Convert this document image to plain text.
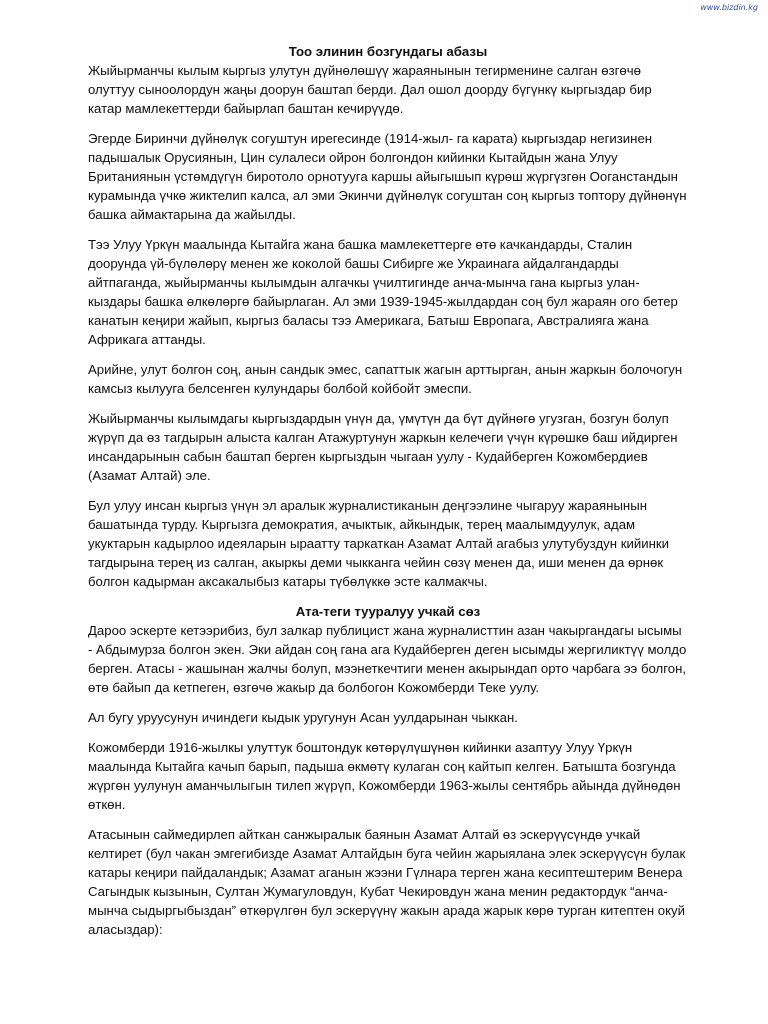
www.bizdin.kg
Тоо элинин бозгундагы абазы

Жыйырманчы кылым кыргыз улутун дүйнөлөшүү жараянынын тегирменине салган өзгөчө олуттуу сыноолордун жаңы доорун баштап берди. Дал ошол доорду бүгүнкү кыргыздар бир катар мамлекеттерди байырлап баштан кечирүүдө.

Эгерде Биринчи дүйнөлүк согуштун ирегесинде (1914-жыл- га карата) кыргыздар негизинен падышалык Орусиянын, Цин сулалеси ойрон болгондон кийинки Кытайдын жана Улуу Британиянын үстөмдүгүн биротоло орнотууга каршы айыгышып күрөш жүргүзгөн Ооганстандын курамында үчкө жиктелип калса, ал эми Экинчи дүйнөлүк согуштан соң кыргыз топтору дүйнөнүн башка аймактарына да жайылды.

Тээ Улуу Үркүн маалында Кытайга жана башка мамлекеттерге өтө качкандарды, Сталин доорунда үй-бүлөлөрү менен же коколой башы Сибирге же Украинага айдалгандарды айтпаганда, жыйырманчы кылымдын алгачкы үчилтигинде анча-мынча гана кыргыз улан-кыздары башка өлкөлөргө байырлаган. Ал эми 1939-1945-жылдардан соң бул жараян ого бетер канатын кеңири жайып, кыргыз баласы тээ Америкага, Батыш Европага, Австралияга жана Африкага аттанды.

Арийне, улут болгон соң, анын сандык эмес, сапаттык жагын арттырган, анын жаркын болочогун камсыз кылууга белсенген кулундары болбой койбойт эмеспи.

Жыйырманчы кылымдагы кыргыздардын үнүн да, үмүтүн да бүт дүйнөгө угузган, бозгун болуп жүрүп да өз тагдырын алыста калган Атажуртунун жаркын келечеги үчүн күрөшкө баш ийдирген инсандарынын сабын баштап берген кыргыздын чыгаан уулу - Кудайберген Кожомбердиев (Азамат Алтай) эле.

Бул улуу инсан кыргыз үнүн эл аралык журналистиканын деңгээлине чыгаруу жараянынын башатында турду. Кыргызга демократия, ачыктык, айкындык, терең маалымдуулук, адам укуктарын кадырлоо идеяларын ыраатту таркаткан Азамат Алтай агабыз улутубуздун кийинки тагдырына терең из салган, акыркы деми чыкканга чейин сөзү менен да, иши менен да өрнөк болгон кадырман аксакалыбыз катары түбөлүккө эсте калмакчы.

Ата-теги тууралуу учкай сөз

Дароо эскерте кетээрибиз, бул залкар публицист жана журналисттин азан чакыргандагы ысымы - Абдымурза болгон экен. Эки айдан соң гана ага Кудайберген деген ысымды жергиликтүү молдо берген. Атасы - жашынан жалчы болуп, мээнеткечтиги менен акырындап орто чарбага ээ болгон, өтө байып да кетпеген, өзгөчө жакыр да болбогон Кожомберди Теке уулу.

Ал бугу уруусунун ичиндеги кыдык уругунун Асан уулдарынан чыккан.

Кожомберди 1916-жылкы улуттук боштондук көтөрүлүшүнөн кийинки азаптуу Улуу Үркүн маалында Кытайга качып барып, падыша өкмөтү кулаган соң кайтып келген. Батышта бозгунда жүргөн уулунун аманчылыгын тилеп жүрүп, Кожомберди 1963-жылы сентябрь айында дүйнөдөн өткөн.

Атасынын саймедирлеп айткан санжыралык баянын Азамат Алтай өз эскерүүсүндө учкай келтирет (бул чакан эмгегибизде Азамат Алтайдын буга чейин жарыялана элек эскерүүсүн булак катары кеңири пайдаландык; Азамат аганын жээни Гүлнара терген жана кесиптештерим Венера Сагындык кызынын, Султан Жумагуловдун, Кубат Чекировдун жана менин редактордук “анча-мынча сыдыргыбыздан” өткөрүлгөн бул эскерүүнү жакын арада жарык көрө турган китептен окуй аласыздар):
